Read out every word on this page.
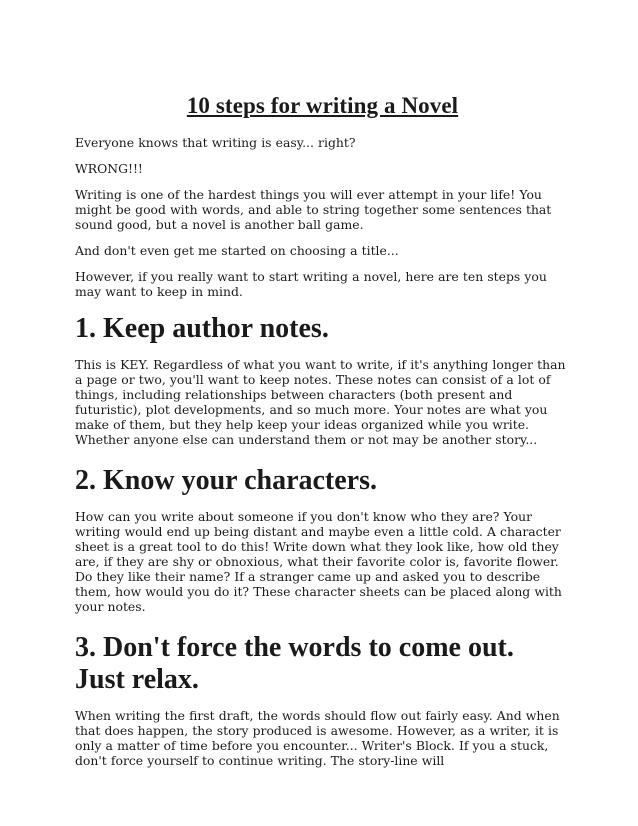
10 steps for writing a Novel

Everyone knows that writing is easy... right?

WRONG!!!

Writing is one of the hardest things you will ever attempt in your life! You might be good with words, and able to string together some sentences that sound good, but a novel is another ball game.

And don't even get me started on choosing a title...

However, if you really want to start writing a novel, here are ten steps you may want to keep in mind.

1. Keep author notes.

This is KEY. Regardless of what you want to write, if it's anything longer than a page or two, you'll want to keep notes. These notes can consist of a lot of things, including relationships between characters (both present and futuristic), plot developments, and so much more. Your notes are what you make of them, but they help keep your ideas organized while you write. Whether anyone else can understand them or not may be another story...

2. Know your characters.

How can you write about someone if you don't know who they are? Your writing would end up being distant and maybe even a little cold. A character sheet is a great tool to do this! Write down what they look like, how old they are, if they are shy or obnoxious, what their favorite color is, favorite flower. Do they like their name? If a stranger came up and asked you to describe them, how would you do it? These character sheets can be placed along with your notes.

3. Don't force the words to come out. Just relax.

When writing the first draft, the words should flow out fairly easy. And when that does happen, the story produced is awesome. However, as a writer, it is only a matter of time before you encounter... Writer's Block. If you a stuck, don't force yourself to continue writing. The story-line will
